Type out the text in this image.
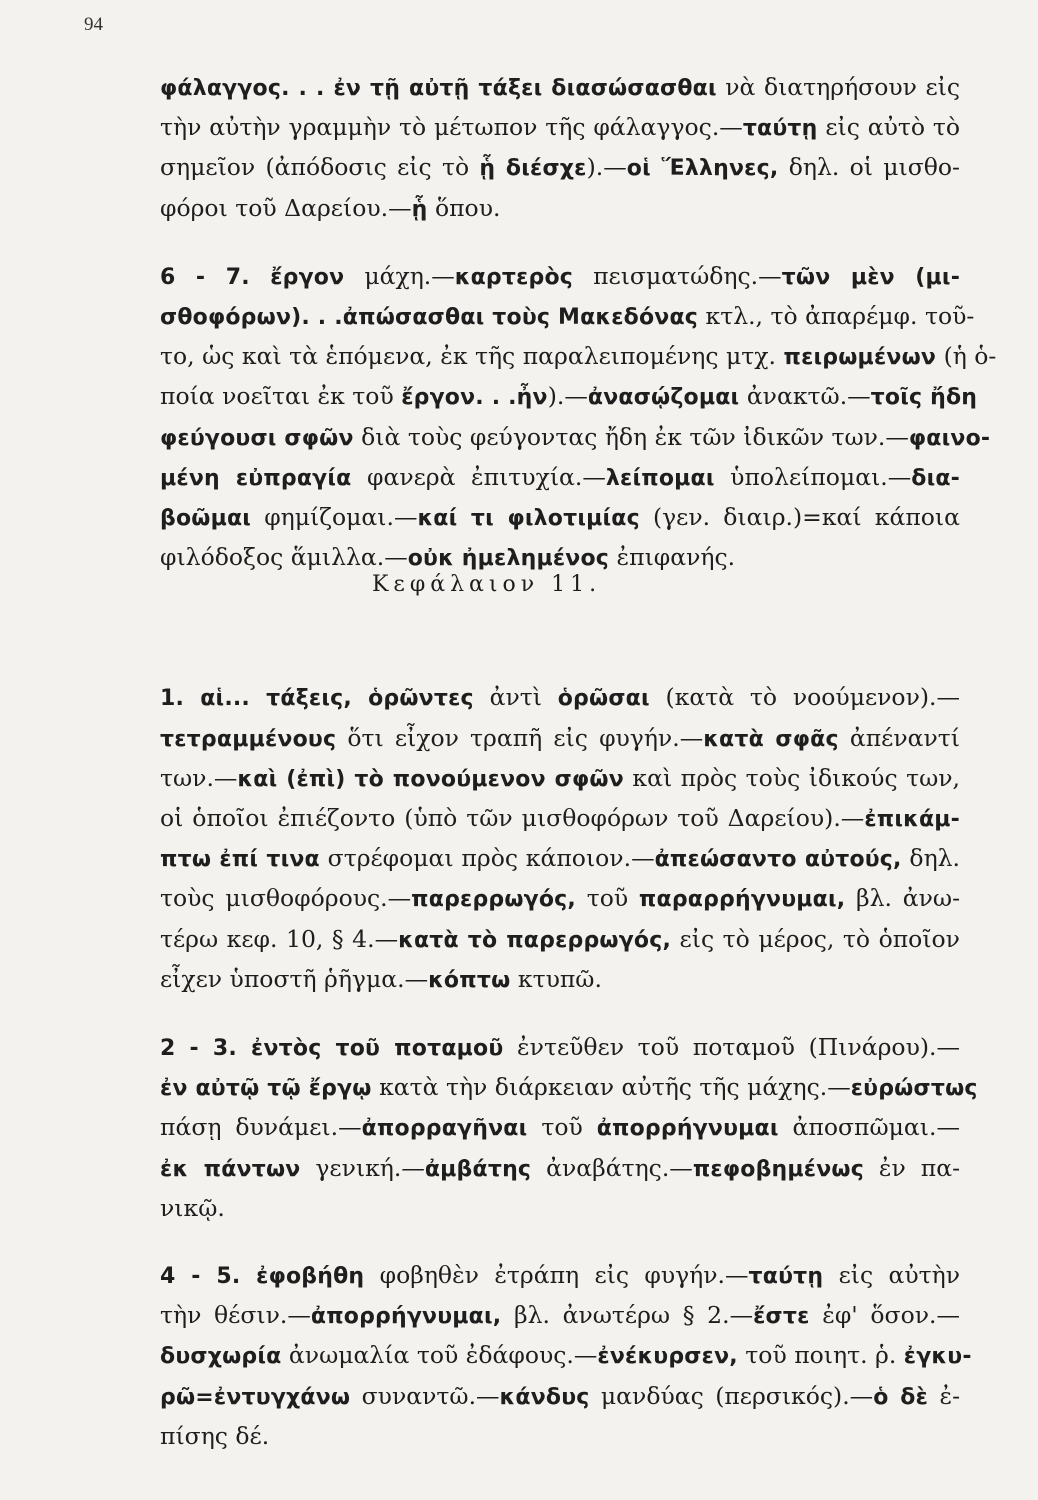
94
φάλαγγος. . . ἐν τῇ αὐτῇ τάξει διασώσασθαι νὰ διατηρήσουν εἰς
τὴν αὐτὴν γραμμὴν τὸ μέτωπον τῆς φάλαγγος.—ταύτῃ εἰς αὐτὸ τὸ
σημεῖον (ἀπόδοσις εἰς τὸ ᾗ διέσχε).—οἱ Ἕλληνες, δηλ. οἱ μισθο-
φόροι τοῦ Δαρείου.—ᾗ ὅπου.
6 - 7. ἔργον μάχη.—καρτερὸς πεισματώδης.—τῶν μὲν (μι-
σθοφόρων). . .ἀπώσασθαι τοὺς Μακεδόνας κτλ., τὸ ἀπαρέμφ. τοῦ-
το, ὡς καὶ τὰ ἑπόμενα, ἐκ τῆς παραλειπομένης μτχ. πειρωμένων (ἡ ὁ-
ποία νοεῖται ἐκ τοῦ ἔργον. . .ἦν).—ἀνασῴζομαι ἀνακτῶ.—τοῖς ἤδη
φεύγουσι σφῶν διὰ τοὺς φεύγοντας ἤδη ἐκ τῶν ἰδικῶν των.—φαινο-
μένη εὐπραγία φανερὰ ἐπιτυχία.—λείπομαι ὑπολείπομαι.—δια-
βοῶμαι φημίζομαι.—καί τι φιλοτιμίας (γεν. διαιρ.)=καί κάποια
φιλόδοξος ἅμιλλα.—οὐκ ἠμελημένος ἐπιφανής.
1. αἱ... τάξεις, ὁρῶντες ἀντὶ ὁρῶσαι (κατὰ τὸ νοούμενον).—
τετραμμένους ὅτι εἶχον τραπῆ εἰς φυγήν.—κατὰ σφᾶς ἀπέναντί
των.—καὶ (ἐπὶ) τὸ πονούμενον σφῶν καὶ πρὸς τοὺς ἰδικούς των,
οἱ ὁποῖοι ἐπιέζοντο (ὑπὸ τῶν μισθοφόρων τοῦ Δαρείου).—ἐπικάμ-
πτω ἐπί τινα στρέφομαι πρὸς κάποιον.—ἀπεώσαντο αὐτούς, δηλ.
τοὺς μισθοφόρους.—παρερρωγός, τοῦ παραρρήγνυμαι, βλ. ἀνω-
τέρω κεφ. 10, § 4.—κατὰ τὸ παρερρωγός, εἰς τὸ μέρος, τὸ ὁποῖον
εἶχεν ὑποστῆ ῥῆγμα.—κόπτω κτυπῶ.
2 - 3. ἐντὸς τοῦ ποταμοῦ ἐντεῦθεν τοῦ ποταμοῦ (Πινάρου).—
ἐν αὐτῷ τῷ ἔργῳ κατὰ τὴν διάρκειαν αὐτῆς τῆς μάχης.—εὐρώστως
πάσῃ δυνάμει.—ἀπορραγῆναι τοῦ ἀπορρήγνυμαι ἀποσπῶμαι.—
ἐκ πάντων γενική.—ἀμβάτης ἀναβάτης.—πεφοβημένως ἐν πα-
νικῷ.
4 - 5. ἐφοβήθη φοβηθὲν ἐτράπη εἰς φυγήν.—ταύτῃ εἰς αὐτὴν
τὴν θέσιν.—ἀπορρήγνυμαι, βλ. ἀνωτέρω § 2.—ἔστε ἐφ' ὅσον.—
δυσχωρία ἀνωμαλία τοῦ ἐδάφους.—ἐνέκυρσεν, τοῦ ποιητ. ῥ. ἐγκυ-
ρῶ=ἐντυγχάνω συναντῶ.—κάνδυς μανδύας (περσικός).—ὁ δὲ ἐ-
πίσης δέ.
Κεφάλαιον 11.
